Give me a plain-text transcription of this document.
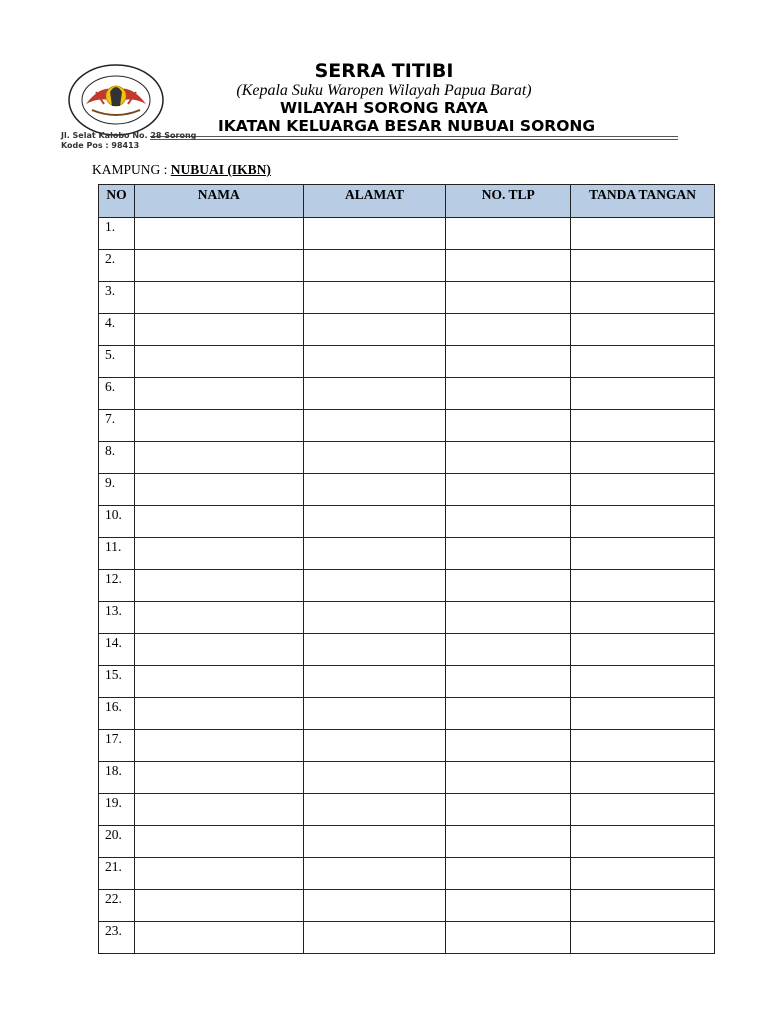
SERRA TITIBI
(Kepala Suku Waropen Wilayah Papua Barat)
WILAYAH SORONG RAYA
IKATAN KELUARGA BESAR NUBUAI SORONG
Jl. Selat Kalobo No. 28 Sorong
Kode Pos : 98413
KAMPUNG : NUBUAI (IKBN)
NO	NAMA	ALAMAT	NO. TLP	TANDA TANGAN
1.				
2.				
3.				
4.				
5.				
6.				
7.				
8.				
9.				
10.				
11.				
12.				
13.				
14.				
15.				
16.				
17.				
18.				
19.				
20.				
21.				
22.				
23.				
